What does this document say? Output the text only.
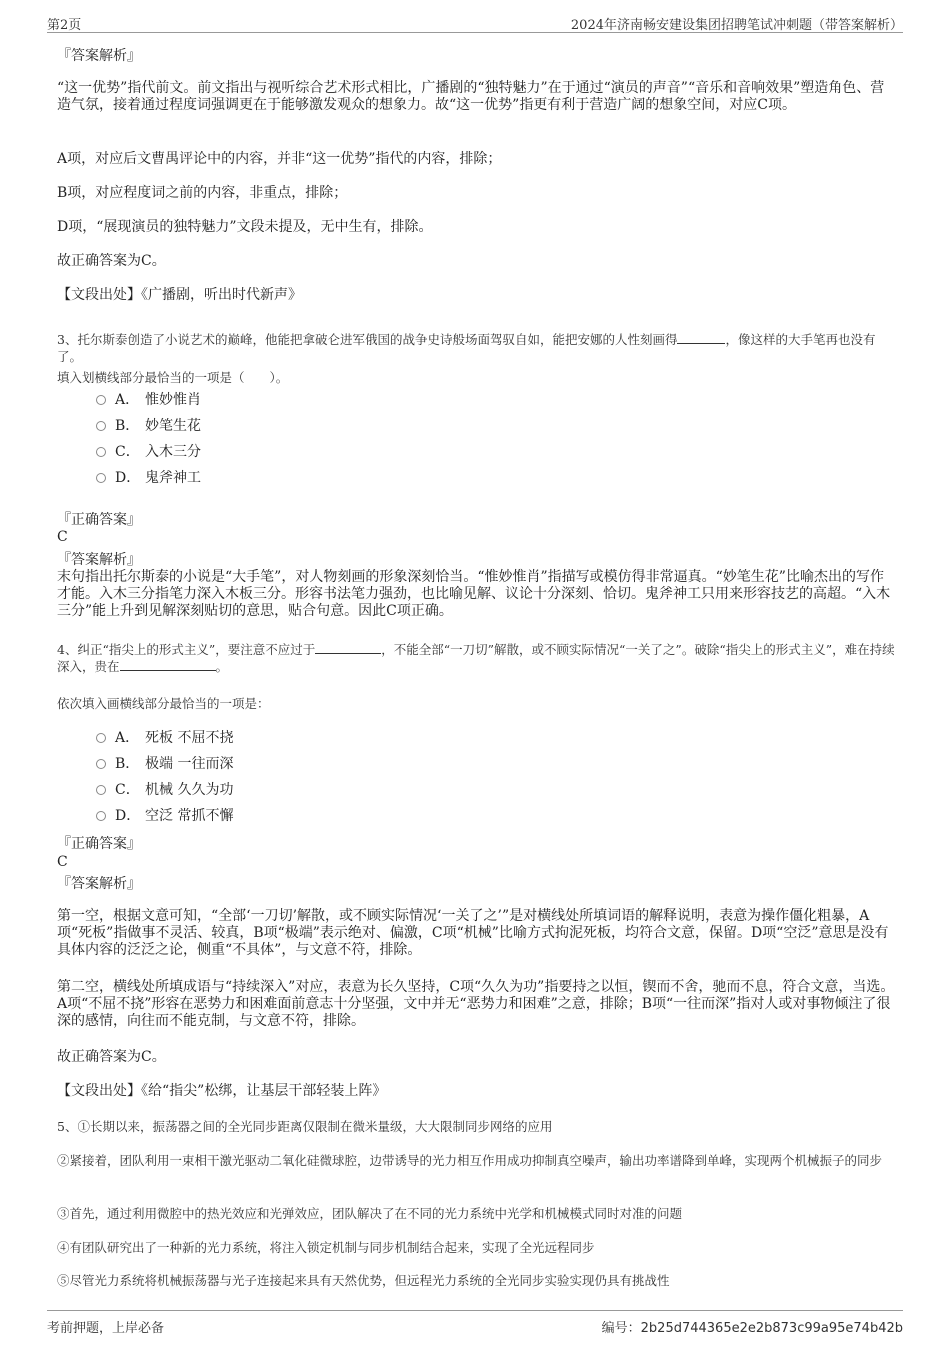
第2页	2024年济南畅安建设集团招聘笔试冲刺题（带答案解析）
『答案解析』
“这一优势”指代前文。前文指出与视听综合艺术形式相比，广播剧的“独特魅力”在于通过“演员的声音”“音乐和音响效果”塑造角色、营造气氛，接着通过程度词强调更在于能够激发观众的想象力。故“这一优势”指更有利于营造广阔的想象空间，对应C项。
A项，对应后文曹禺评论中的内容，并非“这一优势”指代的内容，排除；
B项，对应程度词之前的内容，非重点，排除；
D项，“展现演员的独特魅力”文段未提及，无中生有，排除。
故正确答案为C。
【文段出处】《广播剧，听出时代新声》
3、托尔斯泰创造了小说艺术的巅峰，他能把拿破仑进军俄国的战争史诗般场面驾驭自如，能把安娜的人性刻画得	，像这样的大手笔再也没有了。
填入划横线部分最恰当的一项是（　　）。
A． 惟妙惟肖
B． 妙笔生花
C． 入木三分
D． 鬼斧神工
『正确答案』
C
『答案解析』
末句指出托尔斯泰的小说是“大手笔”，对人物刻画的形象深刻恰当。“惟妙惟肖”指描写或模仿得非常逼真。“妙笔生花”比喻杰出的写作才能。入木三分指笔力深入木板三分。形容书法笔力强劲，也比喻见解、议论十分深刻、恰切。鬼斧神工只用来形容技艺的高超。“入木三分”能上升到见解深刻贴切的意思，贴合句意。因此C项正确。
4、纠正“指尖上的形式主义”，要注意不应过于	，不能全部“一刀切”解散，或不顾实际情况“一关了之”。破除“指尖上的形式主义”，难在持续深入，贵在	。
依次填入画横线部分最恰当的一项是：
A． 死板 不屈不挠
B． 极端 一往而深
C． 机械 久久为功
D． 空泛 常抓不懈
『正确答案』
C
『答案解析』
第一空，根据文意可知，“全部‘一刀切’解散，或不顾实际情况‘一关了之’”是对横线处所填词语的解释说明，表意为操作僵化粗暴，A项“死板”指做事不灵活、较真，B项“极端”表示绝对、偏激，C项“机械”比喻方式拘泥死板，均符合文意，保留。D项“空泛”意思是没有具体内容的泛泛之论，侧重“不具体”，与文意不符，排除。
第二空，横线处所填成语与“持续深入”对应，表意为长久坚持，C项“久久为功”指要持之以恒，锲而不舍，驰而不息，符合文意，当选。A项“不屈不挠”形容在恶势力和困难面前意志十分坚强，文中并无“恶势力和困难”之意，排除；B项“一往而深”指对人或对事物倾注了很深的感情，向往而不能克制，与文意不符，排除。
故正确答案为C。
【文段出处】《给“指尖”松绑，让基层干部轻装上阵》
5、①长期以来，振荡器之间的全光同步距离仅限制在微米量级，大大限制同步网络的应用
②紧接着，团队利用一束相干激光驱动二氧化硅微球腔，边带诱导的光力相互作用成功抑制真空噪声，输出功率谱降到单峰，实现两个机械振子的同步
③首先，通过利用微腔中的热光效应和光弹效应，团队解决了在不同的光力系统中光学和机械模式同时对准的问题
④有团队研究出了一种新的光力系统，将注入锁定机制与同步机制结合起来，实现了全光远程同步
⑤尽管光力系统将机械振荡器与光子连接起来具有天然优势，但远程光力系统的全光同步实验实现仍具有挑战性
考前押题，上岸必备	编号：2b25d744365e2e2b873c99a95e74b42b
